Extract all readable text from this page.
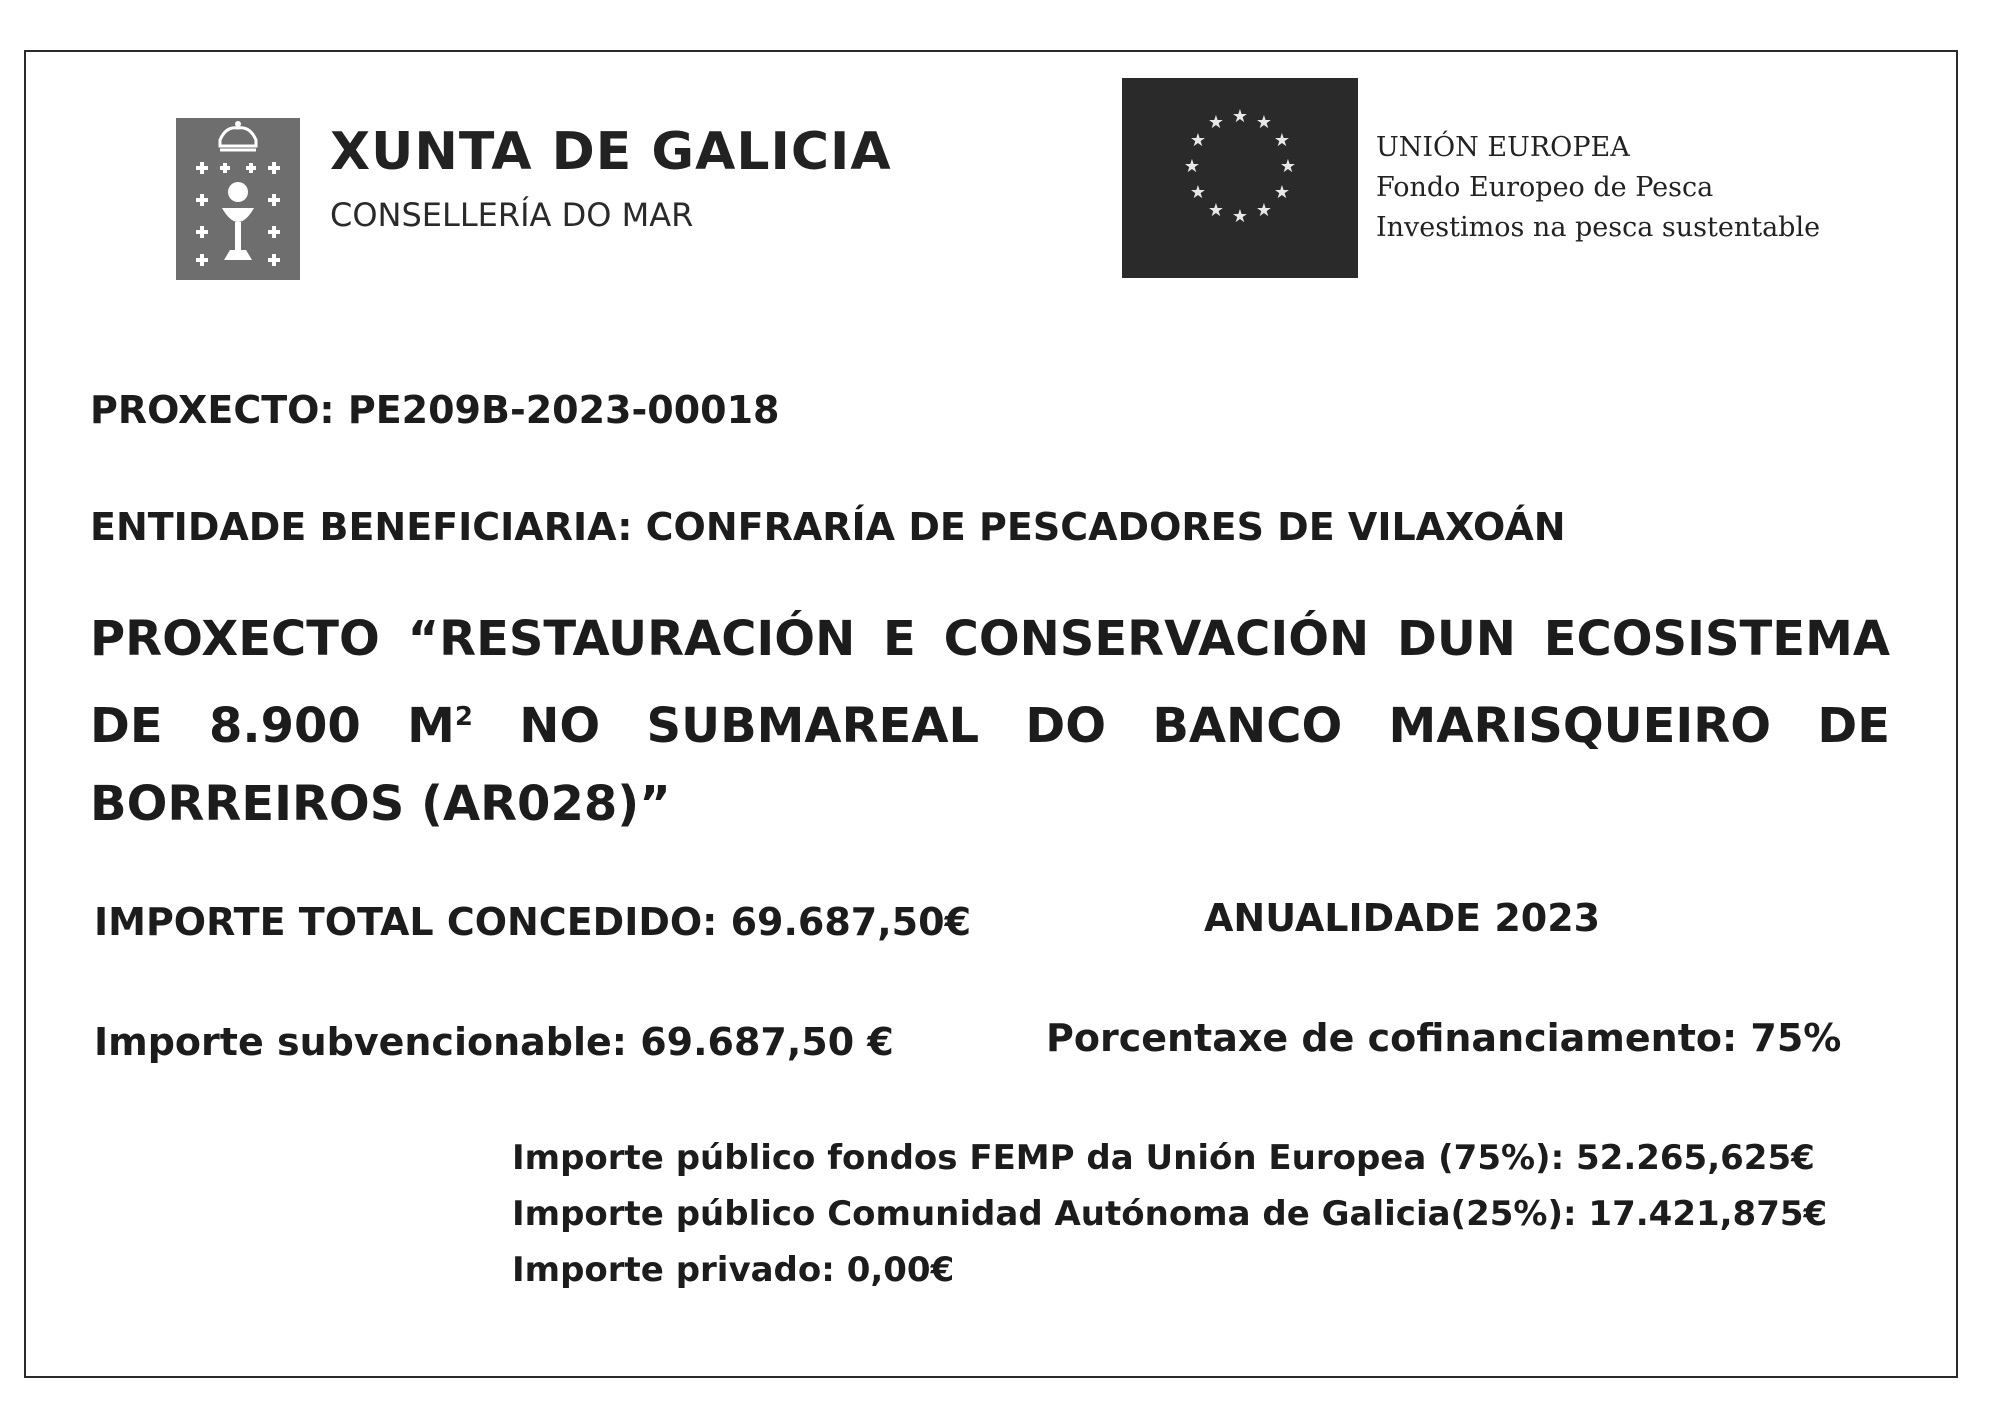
XUNTA DE GALICIA
CONSELLERÍA DO MAR
★ ★
★
★
★
★
★
★
★
★
★
★
UNIÓN EUROPEA
Fondo Europeo de Pesca
Investimos na pesca sustentable
PROXECTO: PE209B-2023-00018
ENTIDADE BENEFICIARIA: CONFRARÍA DE PESCADORES DE VILAXOÁN
PROXECTO “RESTAURACIÓN E CONSERVACIÓN DUN ECOSISTEMA DE 8.900 $M^2$ NO SUBMAREAL DO BANCO MARISQUEIRO DE BORREIROS (AR028)”
IMPORTE TOTAL CONCEDIDO: 69.687,50€	ANUALIDADE 2023
Importe subvencionable: 69.687,50 €	Porcentaxe de cofinanciamento: 75%
Importe público fondos FEMP da Unión Europea (75%): 52.265,625€
Importe público Comunidad Autónoma de Galicia(25%): 17.421,875€
Importe privado: 0,00€
